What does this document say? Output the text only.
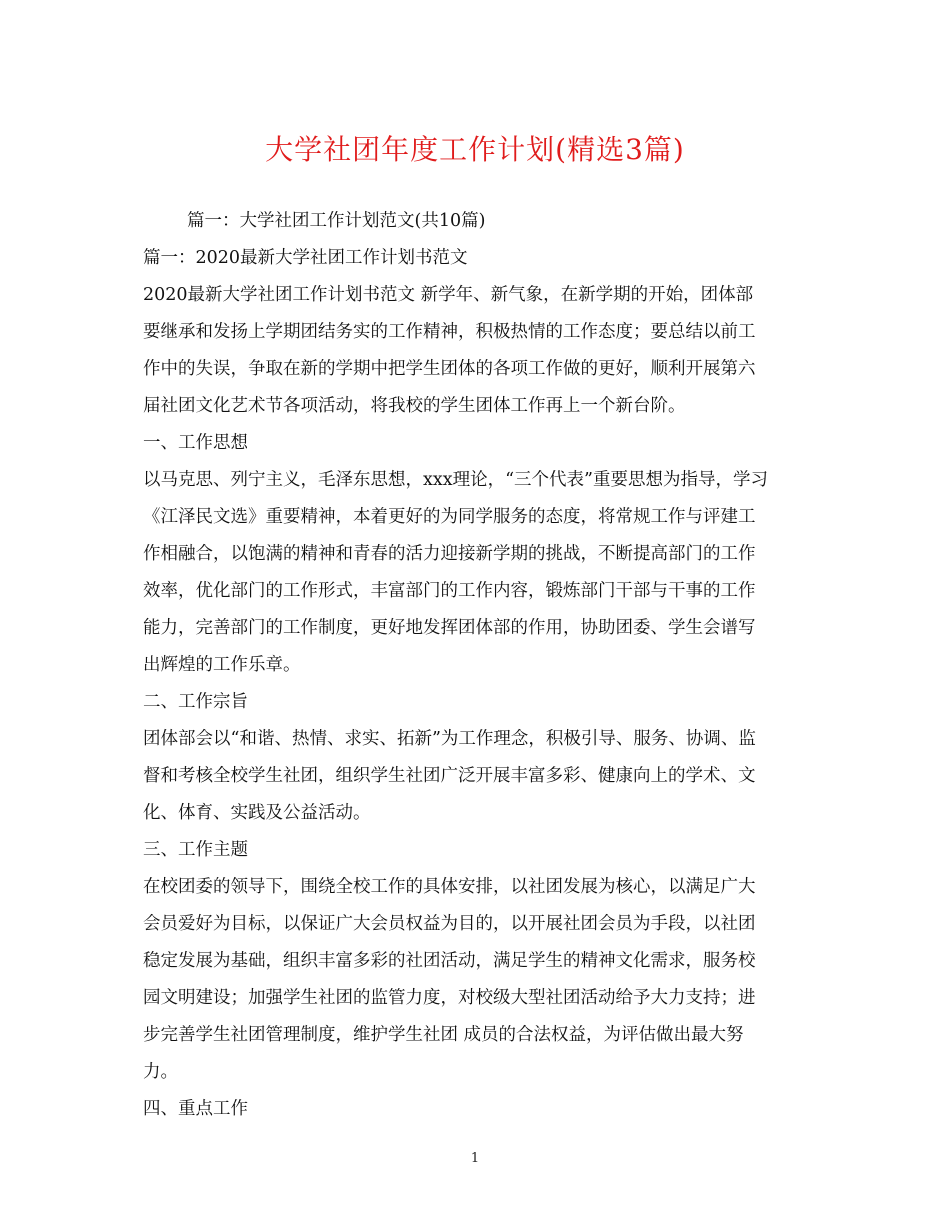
大学社团年度工作计划(精选3篇)
篇一：大学社团工作计划范文(共10篇)
篇一：2020最新大学社团工作计划书范文
2020最新大学社团工作计划书范文 新学年、新气象，在新学期的开始，团体部
要继承和发扬上学期团结务实的工作精神，积极热情的工作态度；要总结以前工
作中的失误，争取在新的学期中把学生团体的各项工作做的更好，顺利开展第六
届社团文化艺术节各项活动，将我校的学生团体工作再上一个新台阶。
一、工作思想
以马克思、列宁主义，毛泽东思想，xxx理论，“三个代表”重要思想为指导，学习
《江泽民文选》重要精神，本着更好的为同学服务的态度，将常规工作与评建工
作相融合，以饱满的精神和青春的活力迎接新学期的挑战，不断提高部门的工作
效率，优化部门的工作形式，丰富部门的工作内容，锻炼部门干部与干事的工作
能力，完善部门的工作制度，更好地发挥团体部的作用，协助团委、学生会谱写
出辉煌的工作乐章。
二、工作宗旨
团体部会以“和谐、热情、求实、拓新”为工作理念，积极引导、服务、协调、监
督和考核全校学生社团，组织学生社团广泛开展丰富多彩、健康向上的学术、文
化、体育、实践及公益活动。
三、工作主题
在校团委的领导下，围绕全校工作的具体安排，以社团发展为核心，以满足广大
会员爱好为目标，以保证广大会员权益为目的，以开展社团会员为手段，以社团
稳定发展为基础，组织丰富多彩的社团活动，满足学生的精神文化需求，服务校
园文明建设；加强学生社团的监管力度，对校级大型社团活动给予大力支持；进
步完善学生社团管理制度，维护学生社团 成员的合法权益，为评估做出最大努
力。
四、重点工作
1
